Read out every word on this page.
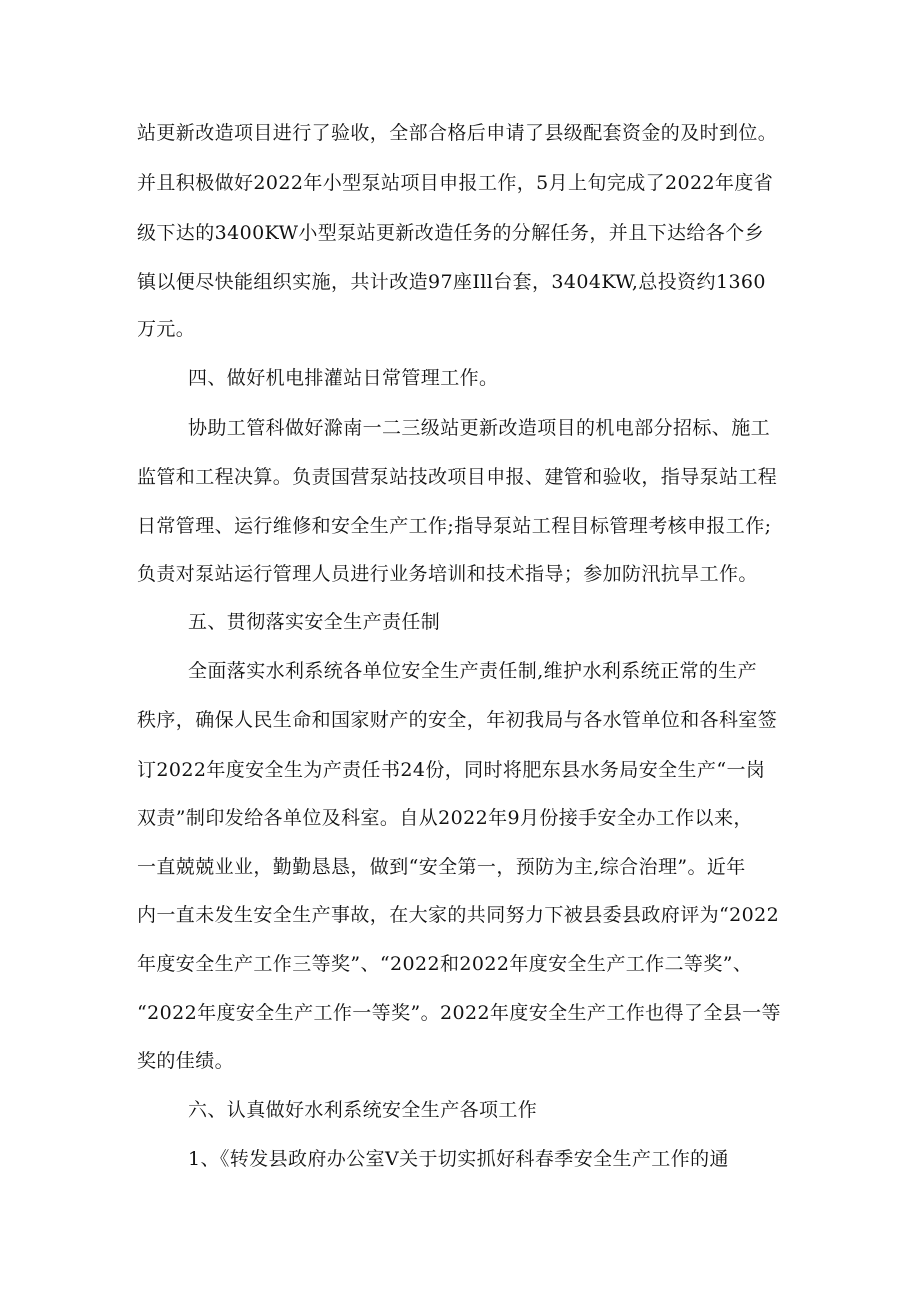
站更新改造项目进行了验收，全部合格后申请了县级配套资金的及时到位。
并且积极做好2022年小型泵站项目申报工作，5月上旬完成了2022年度省
级下达的3400KW小型泵站更新改造任务的分解任务，并且下达给各个乡
镇以便尽快能组织实施，共计改造97座Ill台套，3404KW,总投资约1360
万元。
四、做好机电排灌站日常管理工作。
协助工管科做好滁南一二三级站更新改造项目的机电部分招标、施工
监管和工程决算。负责国营泵站技改项目申报、建管和验收，指导泵站工程
日常管理、运行维修和安全生产工作;指导泵站工程目标管理考核申报工作;
负责对泵站运行管理人员进行业务培训和技术指导；参加防汛抗旱工作。
五、贯彻落实安全生产责任制
全面落实水利系统各单位安全生产责任制,维护水利系统正常的生产
秩序，确保人民生命和国家财产的安全，年初我局与各水管单位和各科室签
订2022年度安全生为产责任书24份，同时将肥东县水务局安全生产“一岗
双责”制印发给各单位及科室。自从2022年9月份接手安全办工作以来，
一直兢兢业业，勤勤恳恳，做到“安全第一，预防为主,综合治理”。近年
内一直未发生安全生产事故，在大家的共同努力下被县委县政府评为“2022
年度安全生产工作三等奖”、“2022和2022年度安全生产工作二等奖”、
“2022年度安全生产工作一等奖”。2022年度安全生产工作也得了全县一等
奖的佳绩。
六、认真做好水利系统安全生产各项工作
1、《转发县政府办公室V关于切实抓好科春季安全生产工作的通
